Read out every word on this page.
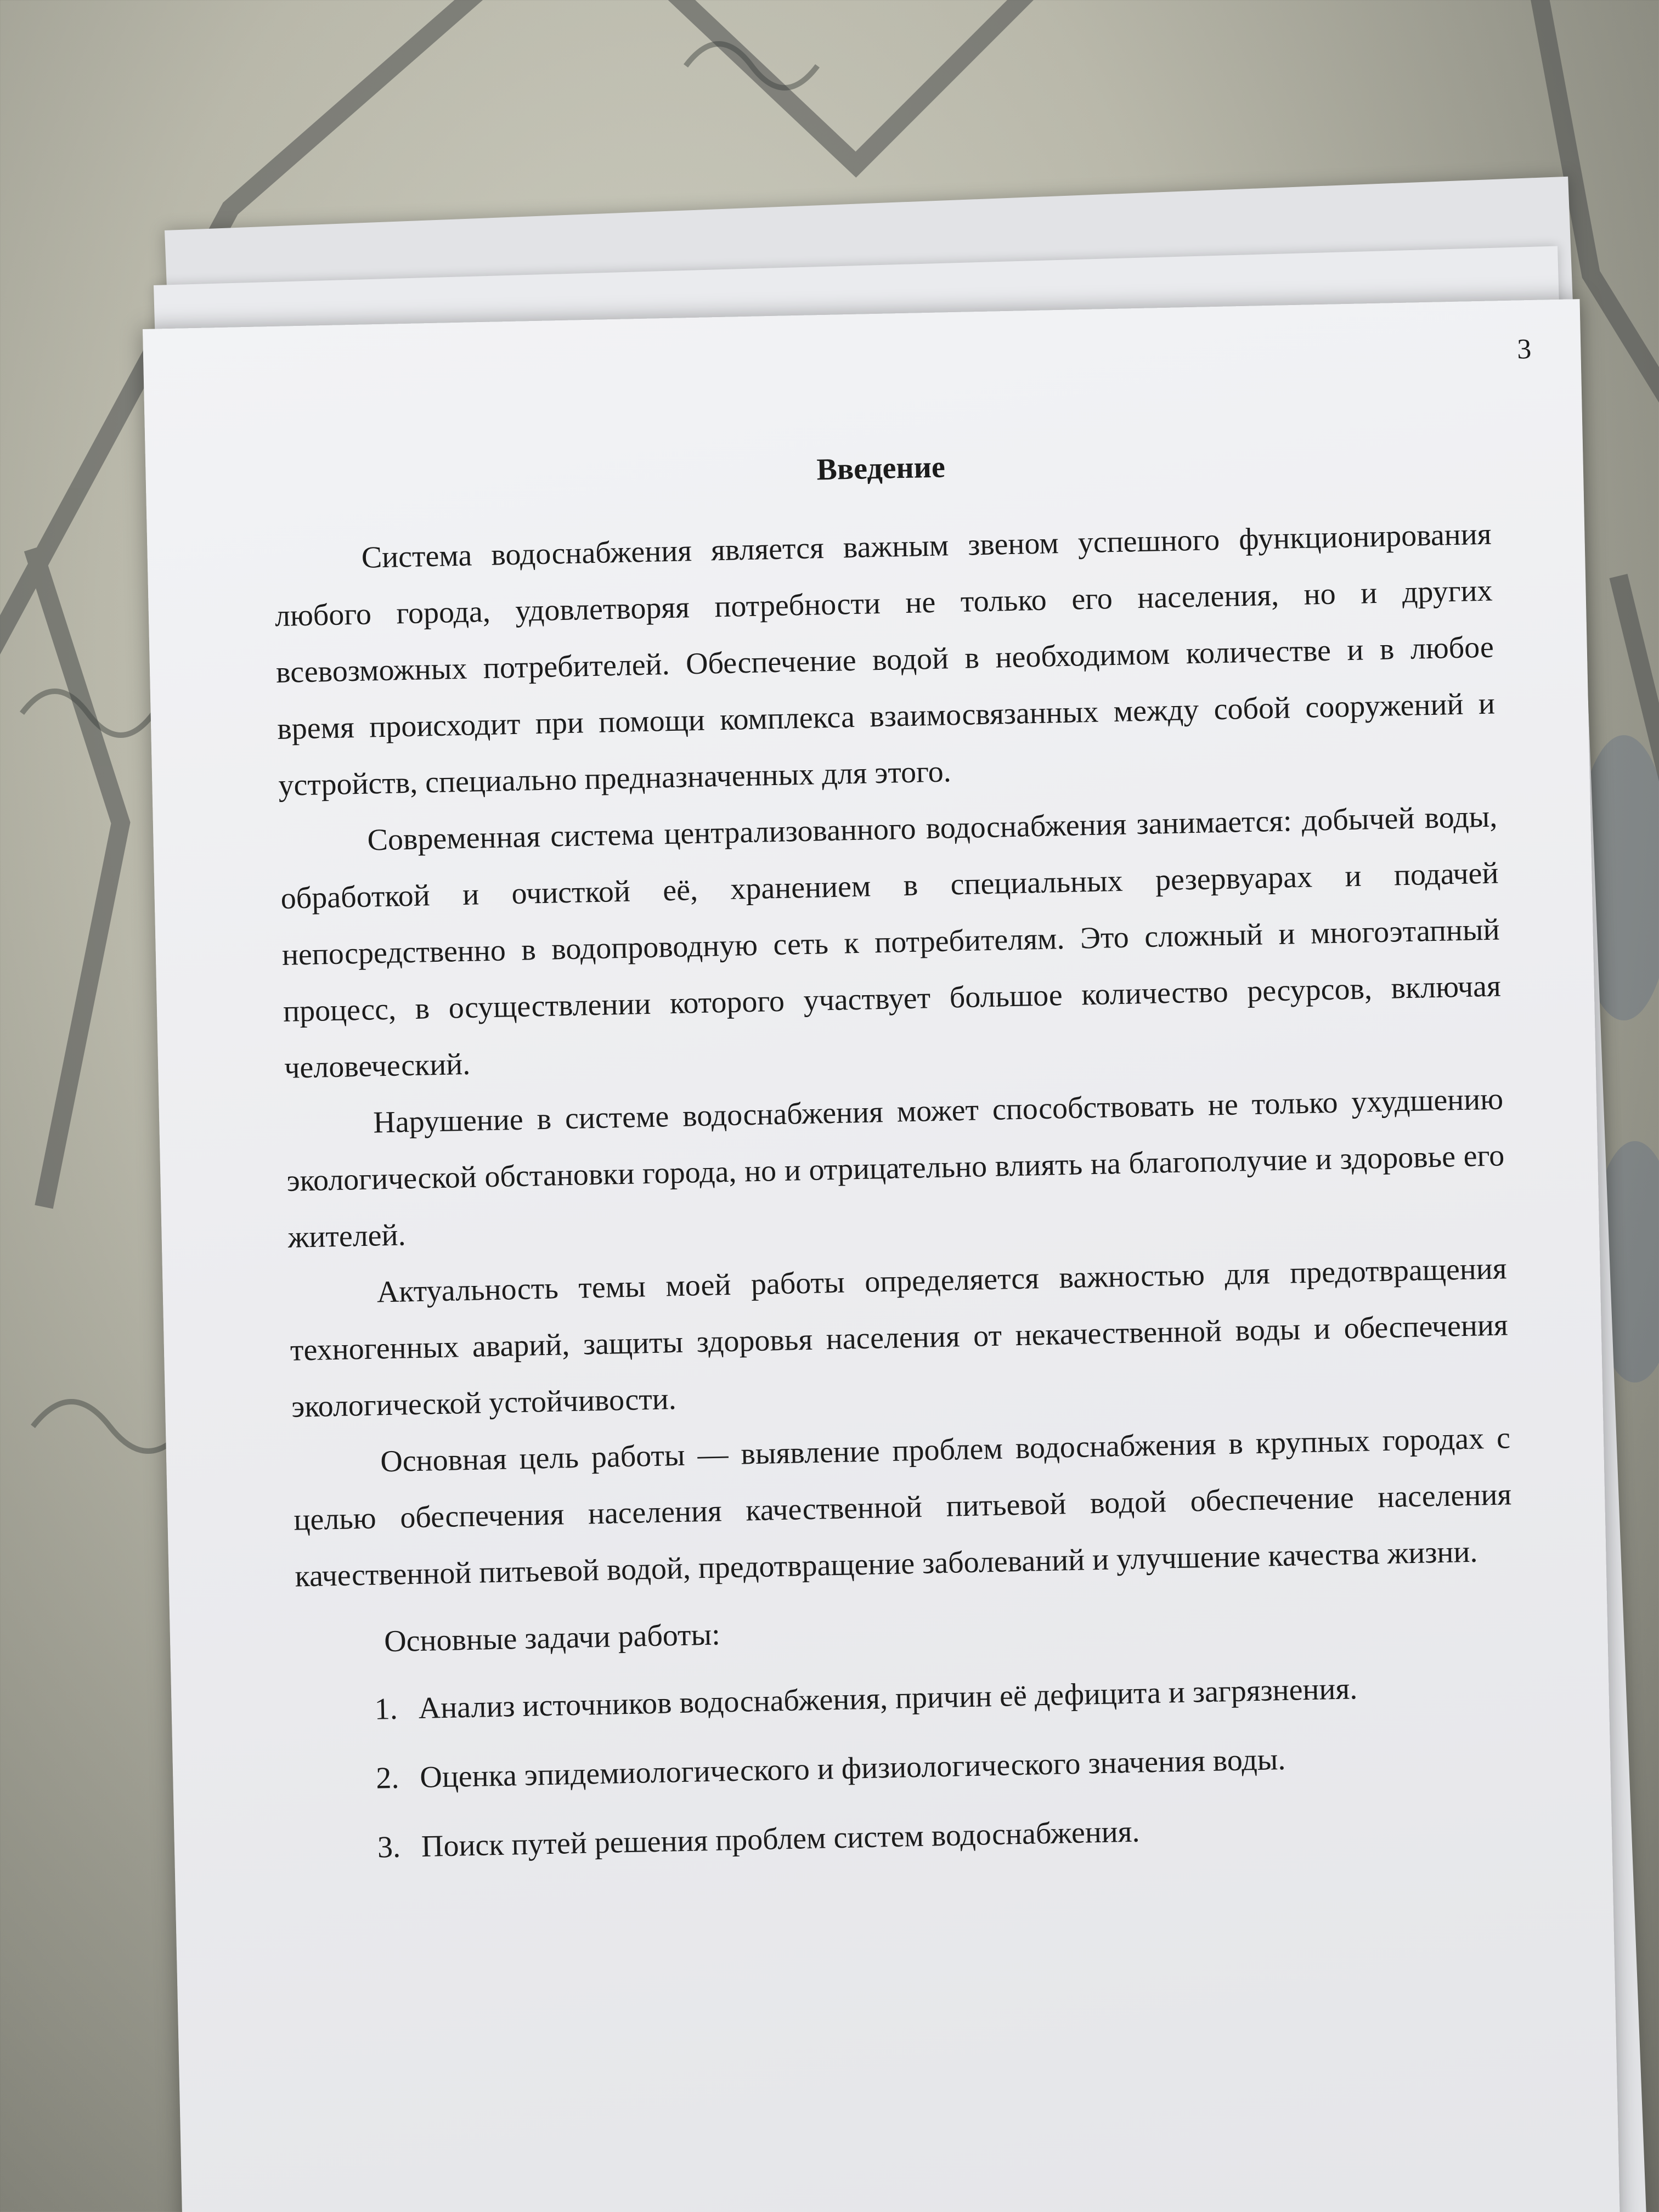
3

Введение

Система водоснабжения является важным звеном успешного функционирования любого города, удовлетворяя потребности не только его населения, но и других всевозможных потребителей. Обеспечение водой в необходимом количестве и в любое время происходит при помощи комплекса взаимосвязанных между собой сооружений и устройств, специально предназначенных для этого.

Современная система централизованного водоснабжения занимается: добычей воды, обработкой и очисткой её, хранением в специальных резервуарах и подачей непосредственно в водопроводную сеть к потребителям. Это сложный и многоэтапный процесс, в осуществлении которого участвует большое количество ресурсов, включая человеческий.

Нарушение в системе водоснабжения может способствовать не только ухудшению экологической обстановки города, но и отрицательно влиять на благополучие и здоровье его жителей.

Актуальность темы моей работы определяется важностью для предотвращения техногенных аварий, защиты здоровья населения от некачественной воды и обеспечения экологической устойчивости.

Основная цель работы — выявление проблем водоснабжения в крупных городах с целью обеспечения населения качественной питьевой водой обеспечение населения качественной питьевой водой, предотвращение заболеваний и улучшение качества жизни.

Основные задачи работы:

1. Анализ источников водоснабжения, причин её дефицита и загрязнения.
2. Оценка эпидемиологического и физиологического значения воды.
3. Поиск путей решения проблем систем водоснабжения.
